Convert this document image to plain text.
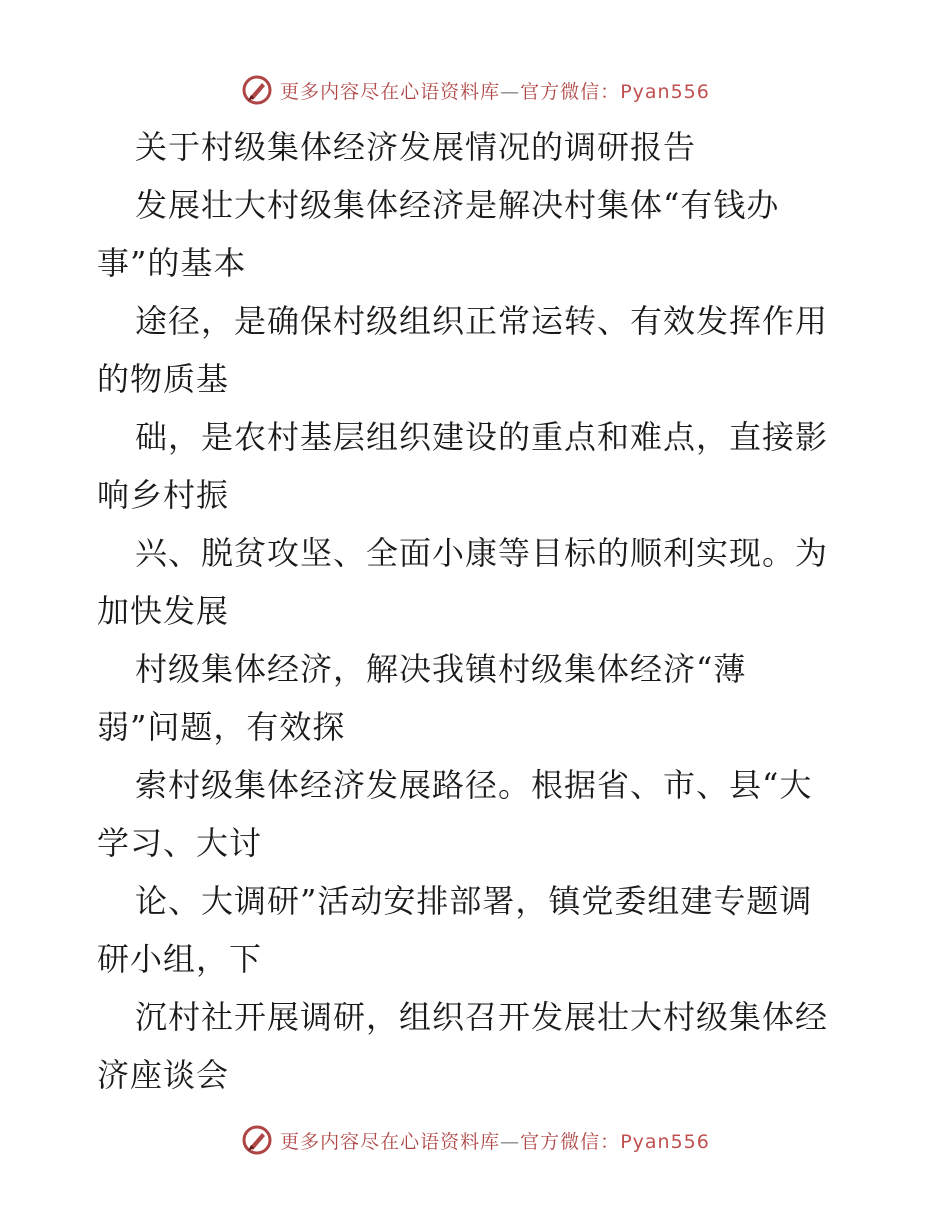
更多内容尽在心语资料库—官方微信：Pyan556
关于村级集体经济发展情况的调研报告
发展壮大村级集体经济是解决村集体“有钱办
事”的基本
途径，是确保村级组织正常运转、有效发挥作用
的物质基
础，是农村基层组织建设的重点和难点，直接影
响乡村振
兴、脱贫攻坚、全面小康等目标的顺利实现。为
加快发展
村级集体经济，解决我镇村级集体经济“薄
弱”问题，有效探
索村级集体经济发展路径。根据省、市、县“大
学习、大讨
论、大调研”活动安排部署，镇党委组建专题调
研小组，下
沉村社开展调研，组织召开发展壮大村级集体经
济座谈会
更多内容尽在心语资料库—官方微信：Pyan556
